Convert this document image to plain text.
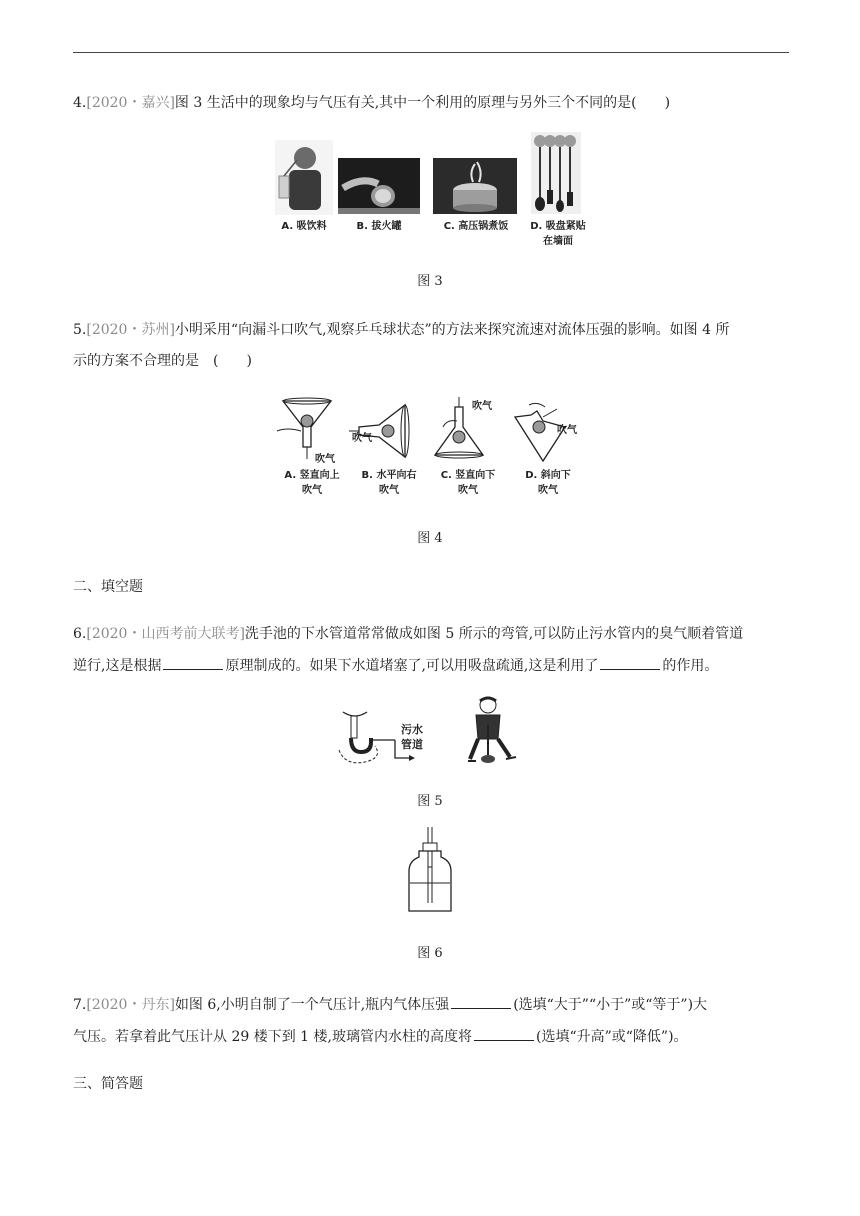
4.[2020・嘉兴]图 3 生活中的现象均与气压有关,其中一个利用的原理与另外三个不同的是(　　)
A. 吸饮料	B. 拔火罐	C. 高压锅煮饭	D. 吸盘紧贴
在墙面
图 3
5.[2020・苏州]小明采用“向漏斗口吹气,观察乒乓球状态”的方法来探究流速对流体压强的影响。如图 4 所
示的方案不合理的是　(　　)
吹气
吹气
吹气
吹气
A. 竖直向上
吹气
B. 水平向右
吹气
C. 竖直向下
吹气
D. 斜向下
吹气
图 4
二、填空题
6.[2020・山西考前大联考]洗手池的下水管道常常做成如图 5 所示的弯管,可以防止污水管内的臭气顺着管道
逆行,这是根据	原理制成的。如果下水道堵塞了,可以用吸盘疏通,这是利用了	的作用。
污水
管道
图 5
图 6
7.[2020・丹东]如图 6,小明自制了一个气压计,瓶内气体压强	(选填“大于”“小于”或“等于”)大
气压。若拿着此气压计从 29 楼下到 1 楼,玻璃管内水柱的高度将	(选填“升高”或“降低”)。
三、简答题
